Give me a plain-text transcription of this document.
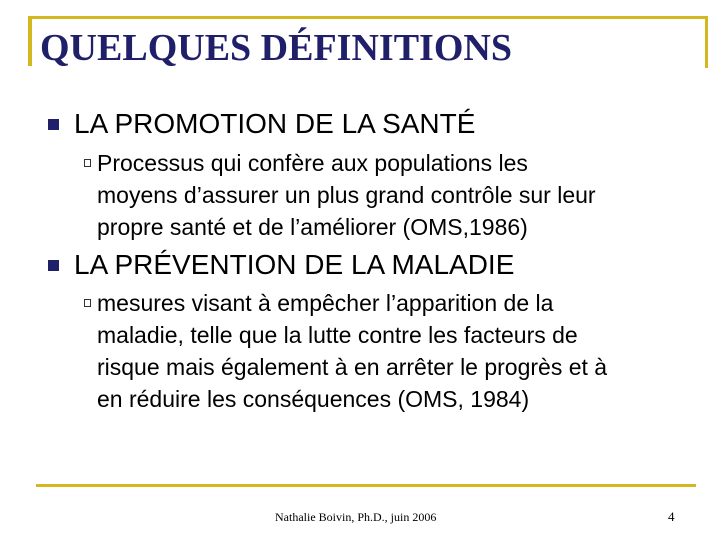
QUELQUES DÉFINITIONS
LA PROMOTION DE LA SANTÉ
Processus qui confère aux populations les
moyens d’assurer un plus grand contrôle sur leur
propre santé et de l’améliorer (OMS,1986)
LA PRÉVENTION DE LA MALADIE
mesures visant à empêcher l’apparition de la
maladie, telle que la lutte contre les facteurs de
risque mais également à en arrêter le progrès et à
en réduire les conséquences (OMS, 1984)
Nathalie Boivin, Ph.D., juin 2006	4
